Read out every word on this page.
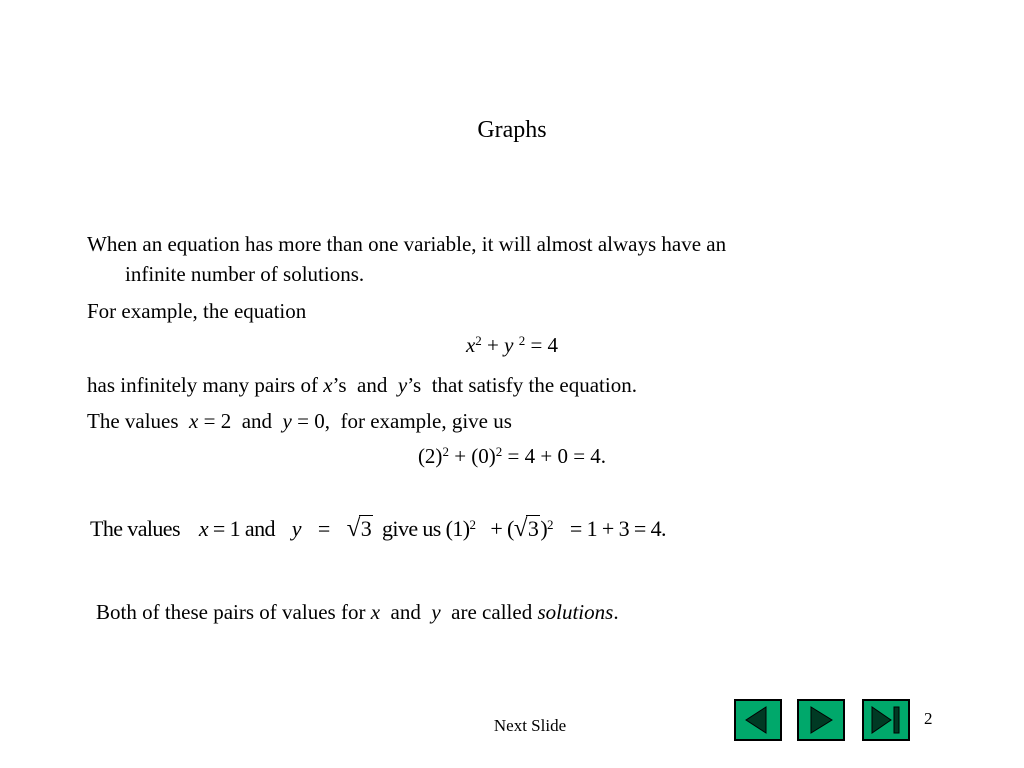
Graphs
When an equation has more than one variable, it will almost always have an
infinite number of solutions.
For example, the equation
$x^2 + y$ $^2$ = 4
has infinitely many pairs of x’s  and  y’s  that satisfy the equation.
The values  x = 2  and  y = 0,  for example, give us
$(2)^2 + (0)^2 = 4 + 0 = 4$.
The values x = 1 and y = √3 give us $(1)^2 + (√3)^2 = 1 + 3 = 4$.
Both of these pairs of values for x  and  y  are called solutions.
Next Slide	2
